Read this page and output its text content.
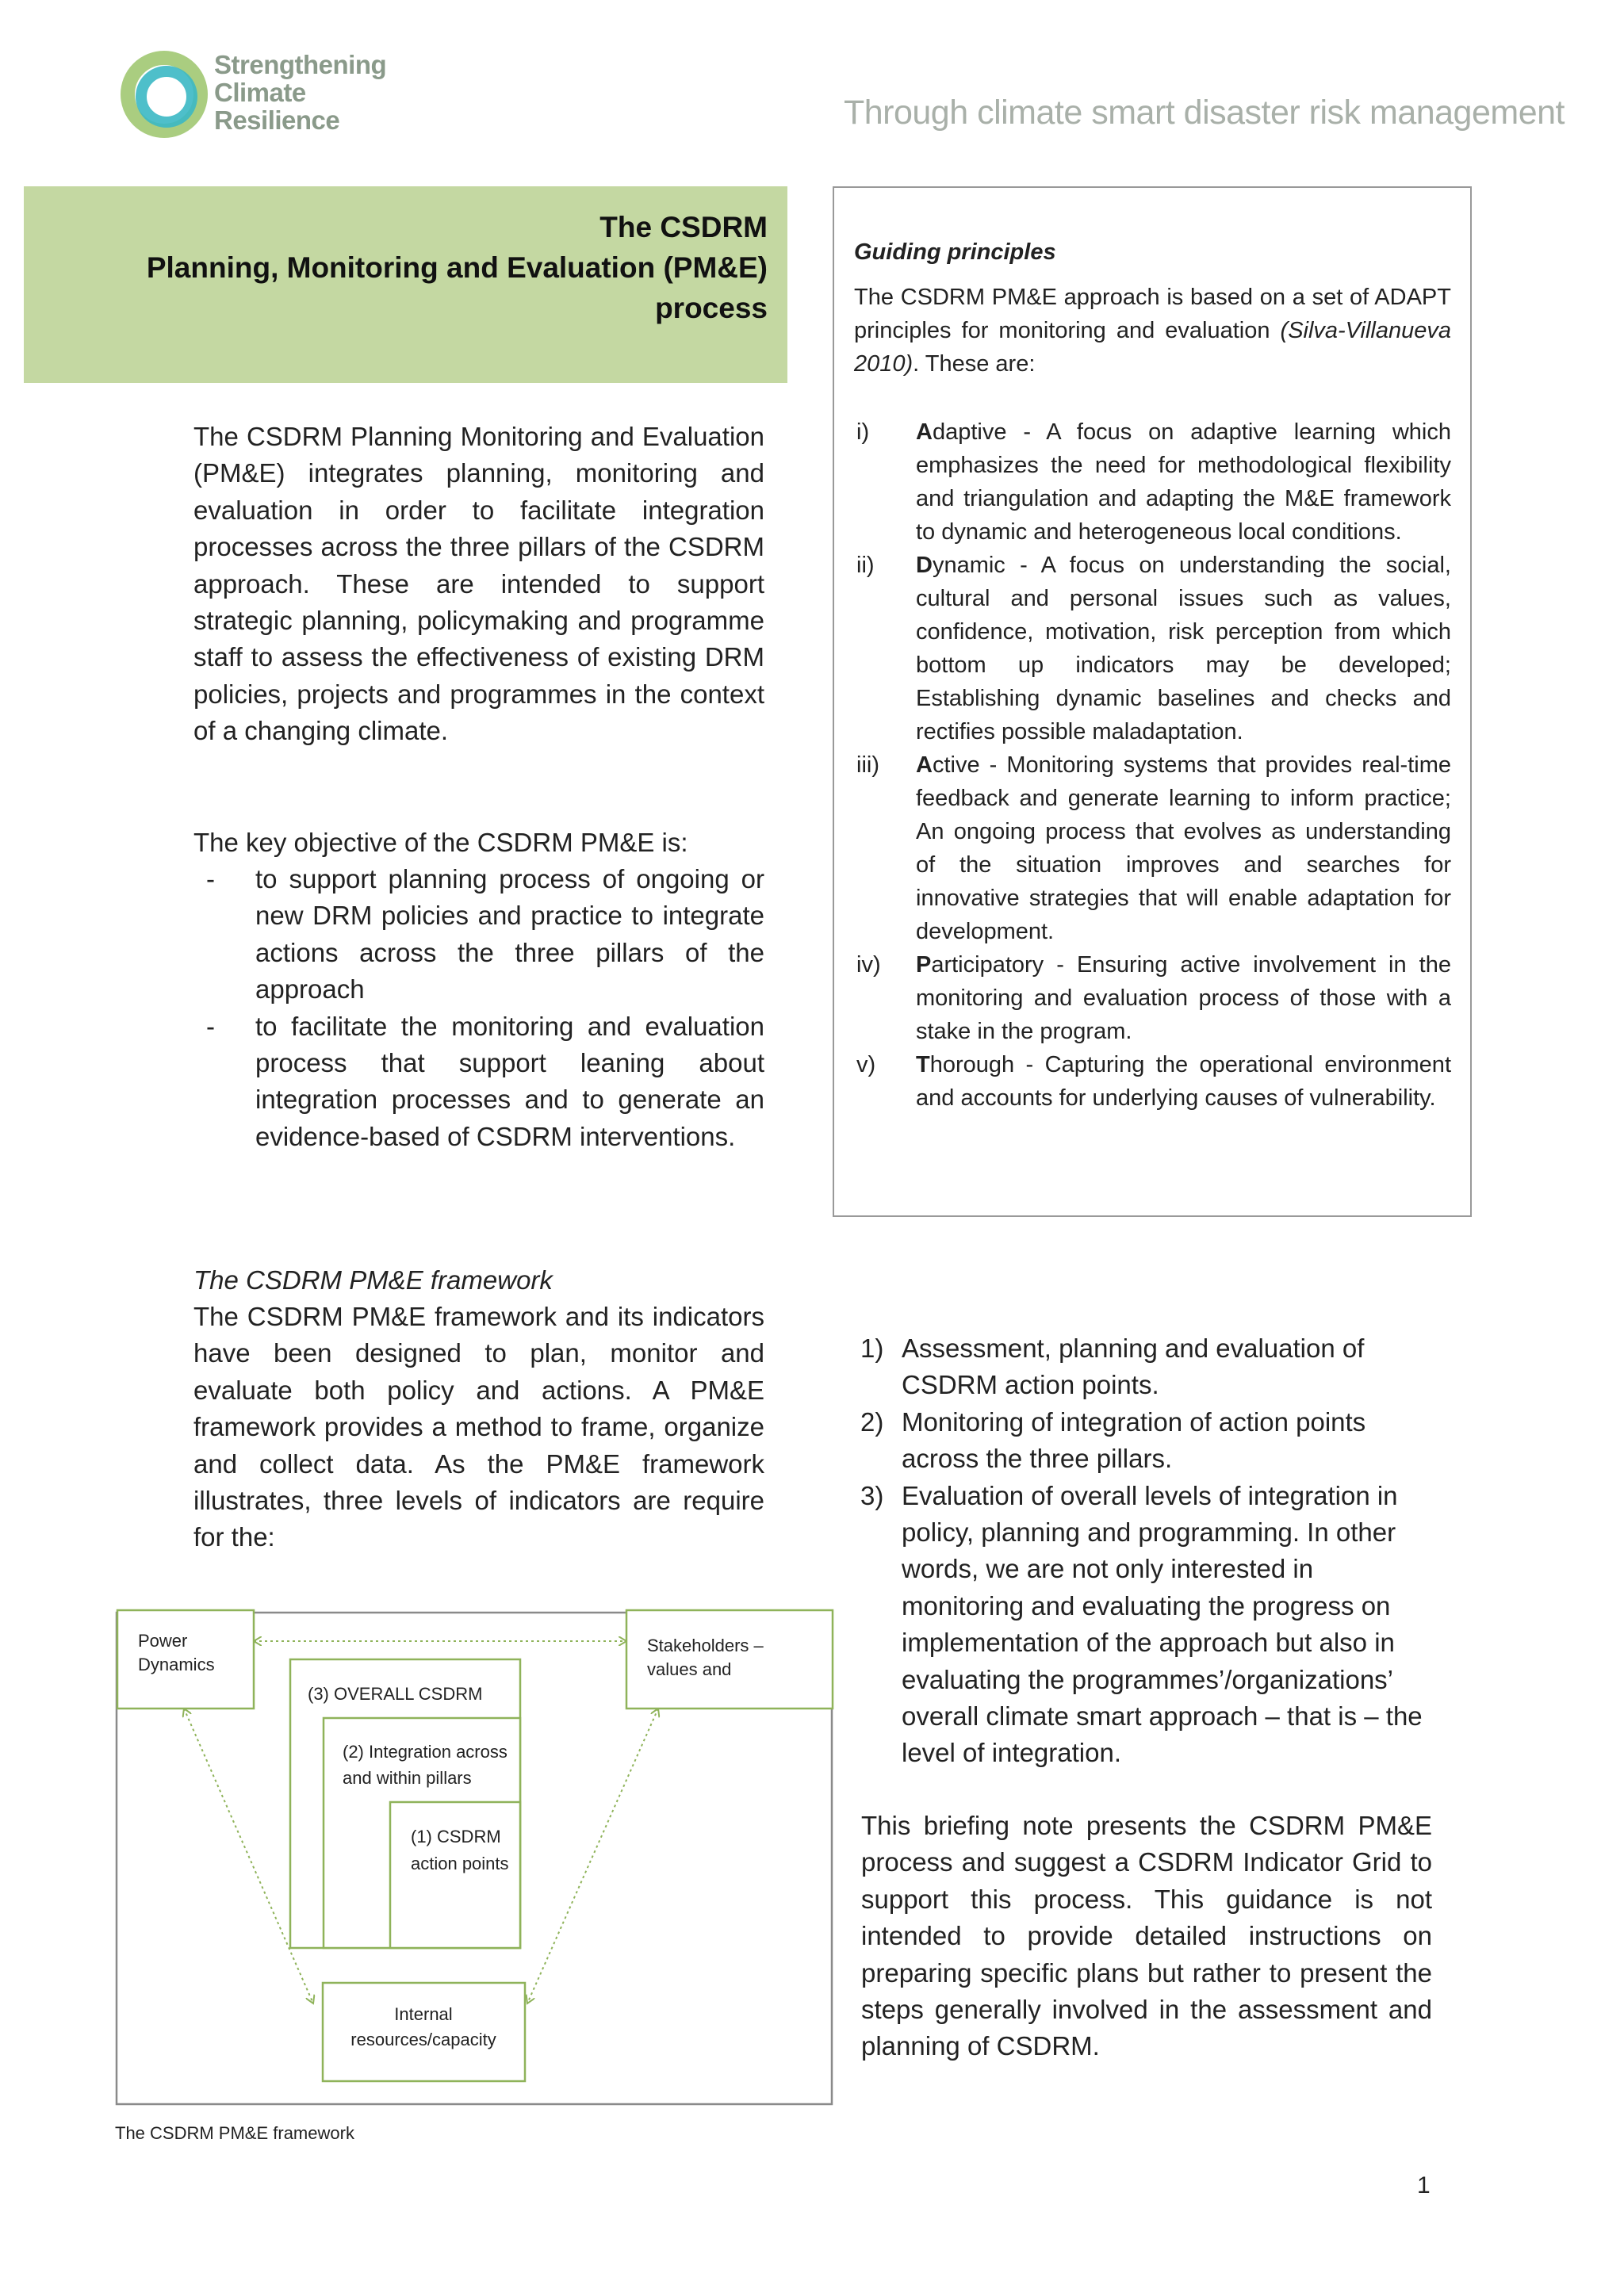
Strengthening
Climate
Resilience	Through climate smart disaster risk management
The CSDRM
Planning, Monitoring and Evaluation (PM&E)
process
The CSDRM Planning Monitoring and Evaluation (PM&E) integrates planning, monitoring and evaluation in order to facilitate integration processes across the three pillars of the CSDRM approach. These are intended to support strategic planning, policymaking and programme staff to assess the effectiveness of existing DRM policies, projects and programmes in the context of a changing climate.
The key objective of the CSDRM PM&E is:
- to support planning process of ongoing or new DRM policies and practice to integrate actions across the three pillars of the approach
- to facilitate the monitoring and evaluation process that support leaning about integration processes and to generate an evidence-based of CSDRM interventions.
The CSDRM PM&E framework
The CSDRM PM&E framework and its indicators have been designed to plan, monitor and evaluate both policy and actions. A PM&E framework provides a method to frame, organize and collect data. As the PM&E framework illustrates, three levels of indicators are require for the:
Guiding principles
The CSDRM PM&E approach is based on a set of ADAPT principles for monitoring and evaluation (Silva-Villanueva 2010). These are:
i) Adaptive - A focus on adaptive learning which emphasizes the need for methodological flexibility and triangulation and adapting the M&E framework to dynamic and heterogeneous local conditions.
ii) Dynamic - A focus on understanding the social, cultural and personal issues such as values, confidence, motivation, risk perception from which bottom up indicators may be developed; Establishing dynamic baselines and checks and rectifies possible maladaptation.
iii) Active - Monitoring systems that provides real-time feedback and generate learning to inform practice; An ongoing process that evolves as understanding of the situation improves and searches for innovative strategies that will enable adaptation for development.
iv) Participatory - Ensuring active involvement in the monitoring and evaluation process of those with a stake in the program.
v) Thorough - Capturing the operational environment and accounts for underlying causes of vulnerability.
1) Assessment, planning and evaluation of CSDRM action points.
2) Monitoring of integration of action points across the three pillars.
3) Evaluation of overall levels of integration in policy, planning and programming. In other words, we are not only interested in monitoring and evaluating the progress on implementation of the approach but also in evaluating the programmes’/organizations’ overall climate smart approach – that is – the level of integration.
This briefing note presents the CSDRM PM&E process and suggest a CSDRM Indicator Grid to support this process. This guidance is not intended to provide detailed instructions on preparing specific plans but rather to present the steps generally involved in the assessment and planning of CSDRM.
Power
Dynamics
Stakeholders –
values and
(3) OVERALL CSDRM
(2) Integration across
and within pillars
(1) CSDRM
action points
Internal
resources/capacity
The CSDRM PM&E framework
1
